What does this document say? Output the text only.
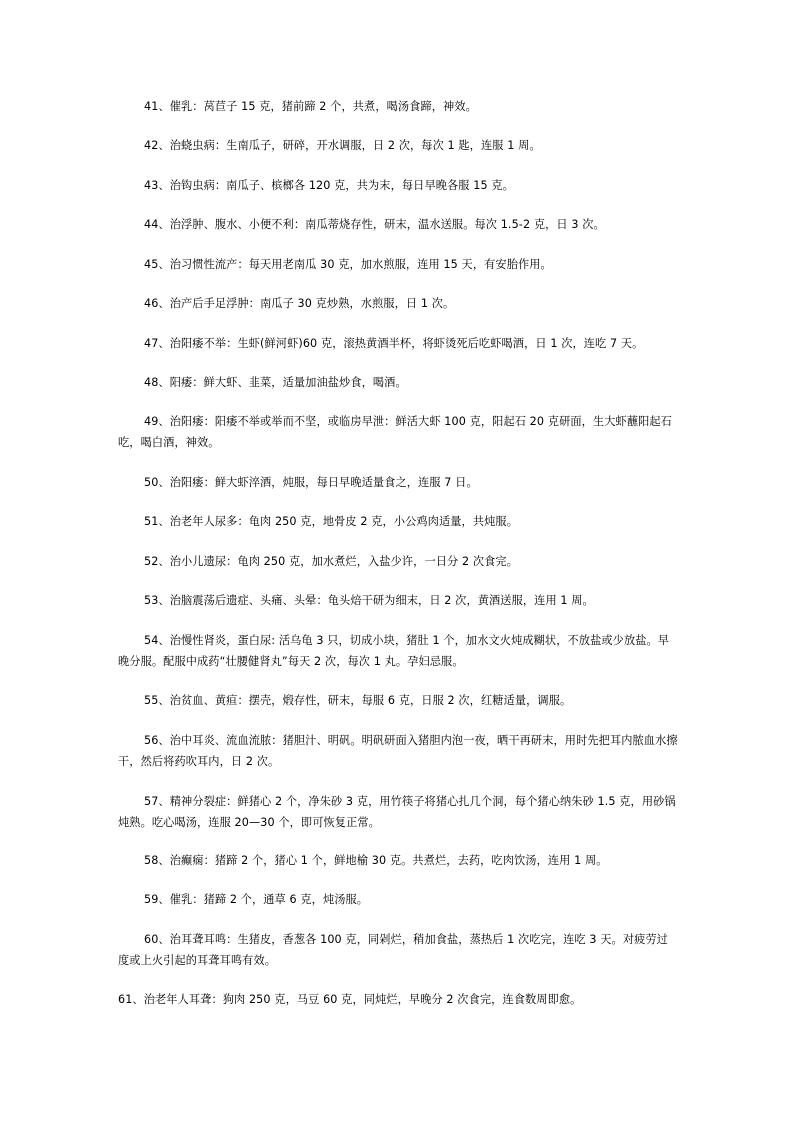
41、催乳：莴苣子 15 克，猪前蹄 2 个，共煮，喝汤食蹄，神效。

42、治蛲虫病：生南瓜子，研碎，开水调服，日 2 次，每次 1 匙，连服 1 周。

43、治钩虫病：南瓜子、槟榔各 120 克，共为末，每日早晚各服 15 克。

44、治浮肿、腹水、小便不利：南瓜蒂烧存性，研末，温水送服。每次 1.5-2 克，日 3 次。

45、治习惯性流产：每天用老南瓜 30 克，加水煎服，连用 15 天，有安胎作用。

46、治产后手足浮肿：南瓜子 30 克炒熟，水煎服，日 1 次。

47、治阳痿不举：生虾(鲜河虾)60 克，滚热黄酒半杯，将虾烫死后吃虾喝酒，日 1 次，连吃 7 天。

48、阳痿：鲜大虾、韭菜，适量加油盐炒食，喝酒。

49、治阳痿：阳痿不举或举而不坚，或临房早泄：鲜活大虾 100 克，阳起石 20 克研面，生大虾蘸阳起石吃，喝白酒，神效。

50、治阳痿：鲜大虾淬酒，炖服，每日早晚适量食之，连服 7 日。

51、治老年人尿多：龟肉 250 克，地骨皮 2 克，小公鸡肉适量，共炖服。

52、治小儿遗尿：龟肉 250 克，加水煮烂，入盐少许，一日分 2 次食完。

53、治脑震荡后遗症、头痛、头晕：龟头焙干研为细末，日 2 次，黄酒送服，连用 1 周。

54、治慢性肾炎，蛋白尿: 活乌龟 3 只，切成小块，猪肚 1 个，加水文火炖成糊状，不放盐或少放盐。早晚分服。配服中成药“壮腰健肾丸”每天 2 次，每次 1 丸。孕妇忌服。

55、治贫血、黄疸：摆壳，煅存性，研末，每服 6 克，日服 2 次，红糖适量，调服。

56、治中耳炎、流血流脓：猪胆汁、明矾。明矾研面入猪胆内泡一夜，晒干再研末，用时先把耳内脓血水擦干，然后将药吹耳内，日 2 次。

57、精神分裂症：鲜猪心 2 个，净朱砂 3 克，用竹筷子将猪心扎几个洞，每个猪心纳朱砂 1.5 克，用砂锅炖熟。吃心喝汤，连服 20—30 个，即可恢复正常。

58、治癫痫：猪蹄 2 个，猪心 1 个，鲜地榆 30 克。共煮烂，去药，吃肉饮汤，连用 1 周。

59、催乳：猪蹄 2 个，通草 6 克，炖汤服。

60、治耳聋耳鸣：生猪皮，香葱各 100 克，同剁烂，稍加食盐，蒸热后 1 次吃完，连吃 3 天。对疲劳过度或上火引起的耳聋耳鸣有效。

61、治老年人耳聋：狗肉 250 克，马豆 60 克，同炖烂，早晚分 2 次食完，连食数周即愈。
